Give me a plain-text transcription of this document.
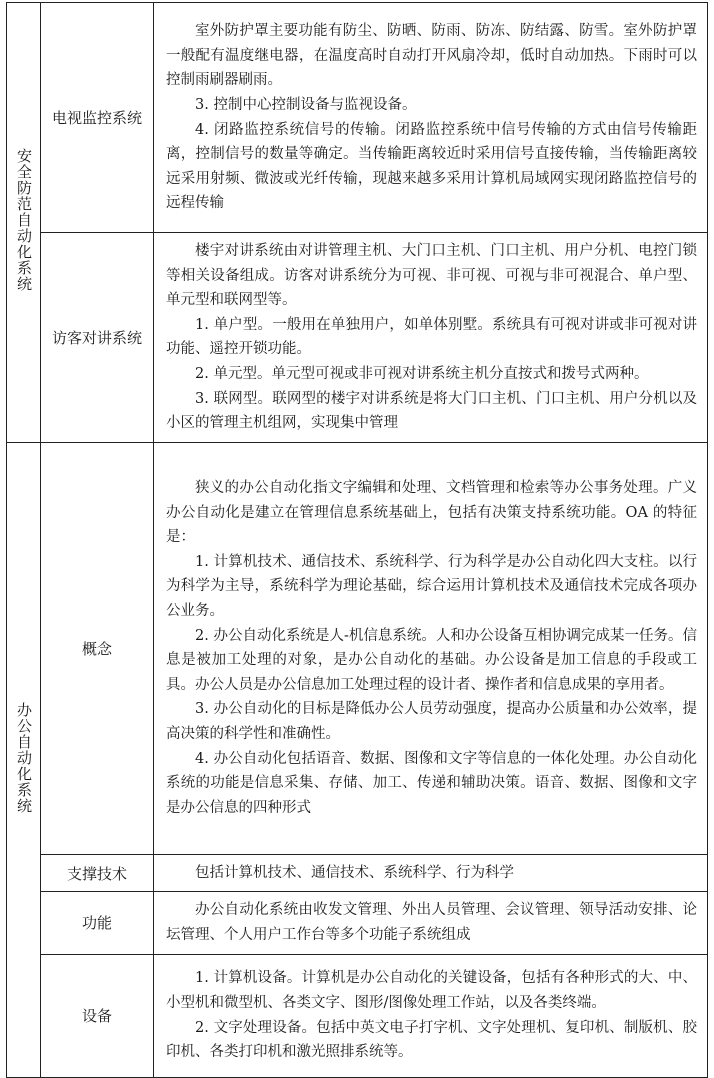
安全防范自动化系统	电视监控系统	室外防护罩主要功能有防尘、防晒、防雨、防冻、防结露、防雪。室外防护罩一般配有温度继电器，在温度高时自动打开风扇冷却，低时自动加热。下雨时可以控制雨刷器刷雨。

3. 控制中心控制设备与监视设备。

4. 闭路监控系统信号的传输。闭路监控系统中信号传输的方式由信号传输距离，控制信号的数量等确定。当传输距离较近时采用信号直接传输，当传输距离较远采用射频、微波或光纤传输，现越来越多采用计算机局域网实现闭路监控信号的远程传输

	访客对讲系统	楼宇对讲系统由对讲管理主机、大门口主机、门口主机、用户分机、电控门锁等相关设备组成。访客对讲系统分为可视、非可视、可视与非可视混合、单户型、单元型和联网型等。

1. 单户型。一般用在单独用户，如单体别墅。系统具有可视对讲或非可视对讲功能、遥控开锁功能。

2. 单元型。单元型可视或非可视对讲系统主机分直按式和拨号式两种。

3. 联网型。联网型的楼宇对讲系统是将大门口主机、门口主机、用户分机以及小区的管理主机组网，实现集中管理

办公自动化系统	概念	狭义的办公自动化指文字编辑和处理、文档管理和检索等办公事务处理。广义办公自动化是建立在管理信息系统基础上，包括有决策支持系统功能。OA 的特征是：

1. 计算机技术、通信技术、系统科学、行为科学是办公自动化四大支柱。以行为科学为主导，系统科学为理论基础，综合运用计算机技术及通信技术完成各项办公业务。

2. 办公自动化系统是人-机信息系统。人和办公设备互相协调完成某一任务。信息是被加工处理的对象，是办公自动化的基础。办公设备是加工信息的手段或工具。办公人员是办公信息加工处理过程的设计者、操作者和信息成果的享用者。

3. 办公自动化的目标是降低办公人员劳动强度，提高办公质量和办公效率，提高决策的科学性和准确性。

4. 办公自动化包括语音、数据、图像和文字等信息的一体化处理。办公自动化系统的功能是信息采集、存储、加工、传递和辅助决策。语音、数据、图像和文字是办公信息的四种形式

	支撑技术	包括计算机技术、通信技术、系统科学、行为科学

	功能	办公自动化系统由收发文管理、外出人员管理、会议管理、领导活动安排、论坛管理、个人用户工作台等多个功能子系统组成

	设备	1. 计算机设备。计算机是办公自动化的关键设备，包括有各种形式的大、中、小型机和微型机、各类文字、图形/图像处理工作站，以及各类终端。

2. 文字处理设备。包括中英文电子打字机、文字处理机、复印机、制版机、胶印机、各类打印机和激光照排系统等。
